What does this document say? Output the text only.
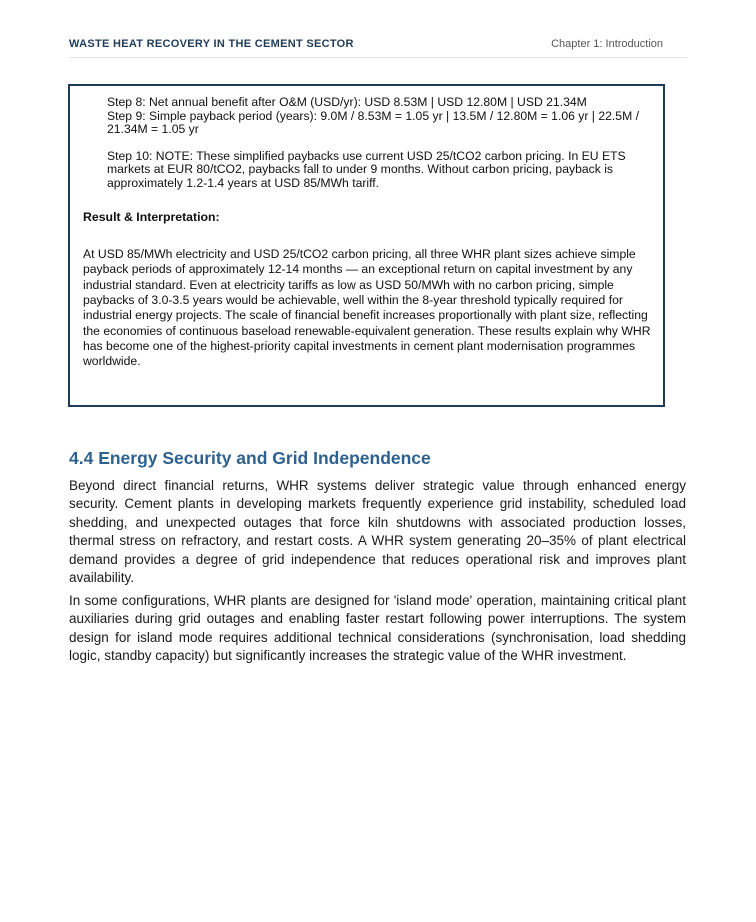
WASTE HEAT RECOVERY IN THE CEMENT SECTOR	Chapter 1: Introduction

Step 8: Net annual benefit after O&M (USD/yr): USD 8.53M | USD 12.80M | USD 21.34M

Step 9: Simple payback period (years): 9.0M / 8.53M = 1.05 yr | 13.5M / 12.80M = 1.06 yr | 22.5M / 21.34M = 1.05 yr

Step 10: NOTE: These simplified paybacks use current USD 25/tCO2 carbon pricing. In EU ETS markets at EUR 80/tCO2, paybacks fall to under 9 months. Without carbon pricing, payback is approximately 1.2-1.4 years at USD 85/MWh tariff.

Result & Interpretation:

At USD 85/MWh electricity and USD 25/tCO2 carbon pricing, all three WHR plant sizes achieve simple payback periods of approximately 12-14 months — an exceptional return on capital investment by any industrial standard. Even at electricity tariffs as low as USD 50/MWh with no carbon pricing, simple paybacks of 3.0-3.5 years would be achievable, well within the 8-year threshold typically required for industrial energy projects. The scale of financial benefit increases proportionally with plant size, reflecting the economies of continuous baseload renewable-equivalent generation. These results explain why WHR has become one of the highest-priority capital investments in cement plant modernisation programmes worldwide.

4.4 Energy Security and Grid Independence

Beyond direct financial returns, WHR systems deliver strategic value through enhanced energy security. Cement plants in developing markets frequently experience grid instability, scheduled load shedding, and unexpected outages that force kiln shutdowns with associated production losses, thermal stress on refractory, and restart costs. A WHR system generating 20–35% of plant electrical demand provides a degree of grid independence that reduces operational risk and improves plant availability.

In some configurations, WHR plants are designed for 'island mode' operation, maintaining critical plant auxiliaries during grid outages and enabling faster restart following power interruptions. The system design for island mode requires additional technical considerations (synchronisation, load shedding logic, standby capacity) but significantly increases the strategic value of the WHR investment.
